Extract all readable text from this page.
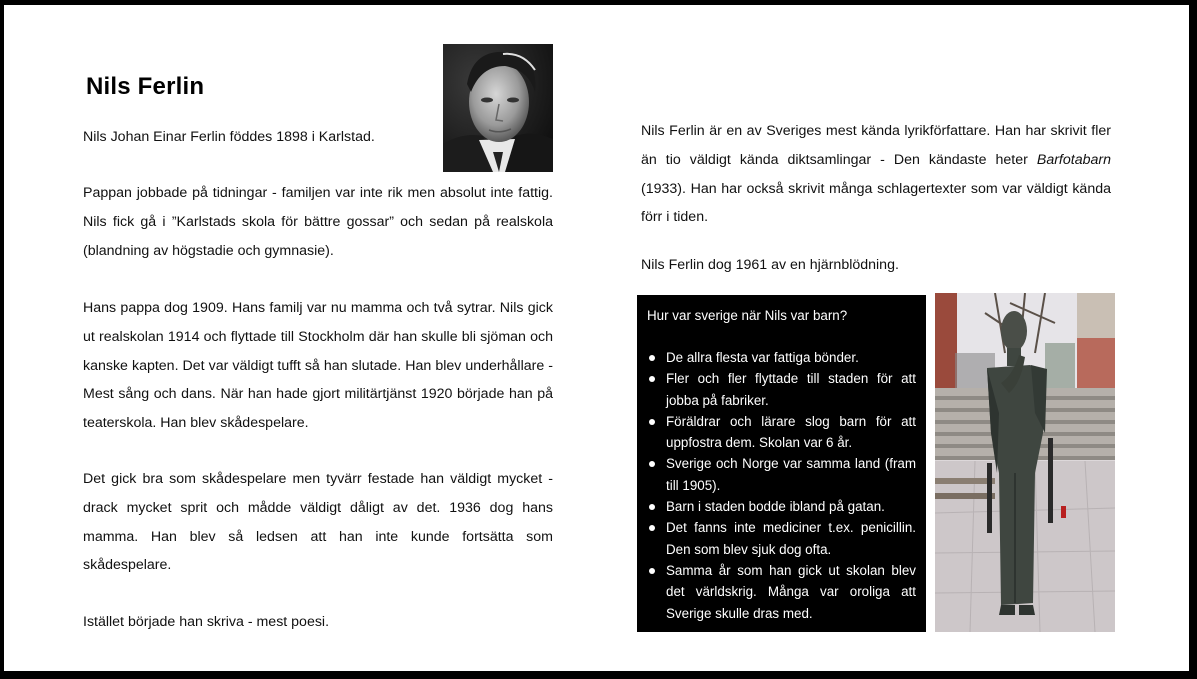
Nils Ferlin

Nils Johan Einar Ferlin föddes 1898 i Karlstad.

Pappan jobbade på tidningar - familjen var inte rik men absolut inte fattig. Nils fick gå i ”Karlstads skola för bättre gossar” och sedan på realskola (blandning av högstadie och gymnasie).

Hans pappa dog 1909. Hans familj var nu mamma och två sytrar. Nils gick ut realskolan 1914 och flyttade till Stockholm där han skulle bli sjöman och kanske kapten. Det var väldigt tufft så han slutade. Han blev underhållare - Mest sång och dans. När han hade gjort militärtjänst 1920 började han på teaterskola. Han blev skådespelare.

Det gick bra som skådespelare men tyvärr festade han väldigt mycket - drack mycket sprit och mådde väldigt dåligt av det. 1936 dog hans mamma. Han blev så ledsen att han inte kunde fortsätta som skådespelare.

Istället började han skriva - mest poesi.

Nils Ferlin är en av Sveriges mest kända lyrikförfattare. Han har skrivit fler än tio väldigt kända diktsamlingar - Den kändaste heter Barfotabarn (1933). Han har också skrivit många schlagertexter som var väldigt kända förr i tiden.

Nils Ferlin dog 1961 av en hjärnblödning.

Hur var sverige när Nils var barn?
De allra flesta var fattiga bönder.
Fler och fler flyttade till staden för att jobba på fabriker.
Föräldrar och lärare slog barn för att uppfostra dem. Skolan var 6 år.
Sverige och Norge var samma land (fram till 1905).
Barn i staden bodde ibland på gatan.
Det fanns inte mediciner t.ex. penicillin. Den som blev sjuk dog ofta.
Samma år som han gick ut skolan blev det världskrig. Många var oroliga att Sverige skulle dras med.
